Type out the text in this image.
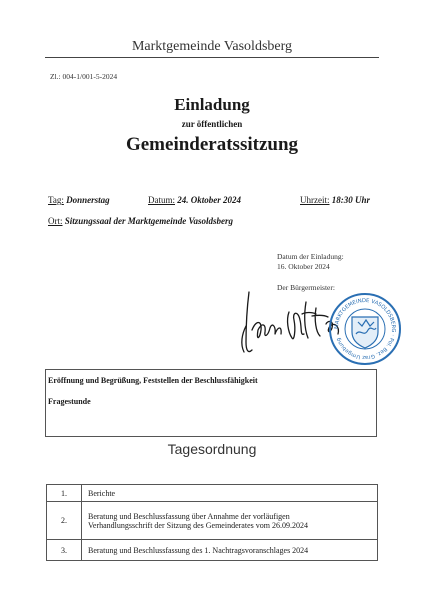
Marktgemeinde Vasoldsberg
Zl.: 004-1/001-5-2024
Einladung
zur öffentlichen
Gemeinderatssitzung
Tag: Donnerstag	Datum: 24. Oktober 2024	Uhrzeit: 18:30 Uhr
Ort: Sitzungssaal der Marktgemeinde Vasoldsberg
Datum der Einladung:
16. Oktober 2024
Der Bürgermeister:
MARKTGEMEINDE VASOLDSBERG · Pol. Bez. Graz Umgebung
Eröffnung und Begrüßung, Feststellen der Beschlussfähigkeit
Fragestunde
Tagesordnung
1.	Berichte

2.	Beratung und Beschlussfassung über Annahme der vorläufigen
Verhandlungsschrift der Sitzung des Gemeinderates vom 26.09.2024

3.	Beratung und Beschlussfassung des 1. Nachtragsvoranschlages 2024
